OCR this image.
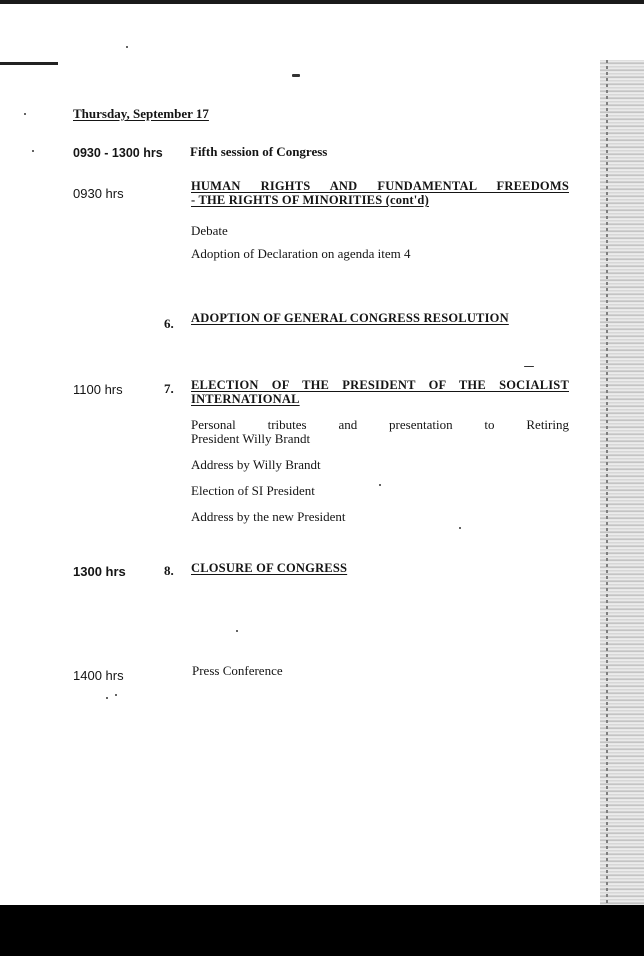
Thursday, September 17
0930 - 1300 hrs Fifth session of Congress
0930 hrs	HUMAN RIGHTS AND FUNDAMENTAL FREEDOMS
- THE RIGHTS OF MINORITIES (cont'd)
Debate
Adoption of Declaration on agenda item 4
6. ADOPTION OF GENERAL CONGRESS RESOLUTION
1100 hrs	7. ELECTION OF THE PRESIDENT OF THE SOCIALIST
INTERNATIONAL
Personal tributes and presentation to Retiring
President Willy Brandt
Address by Willy Brandt
Election of SI President
Address by the new President
1300 hrs	8. CLOSURE OF CONGRESS
1400 hrs	Press Conference
